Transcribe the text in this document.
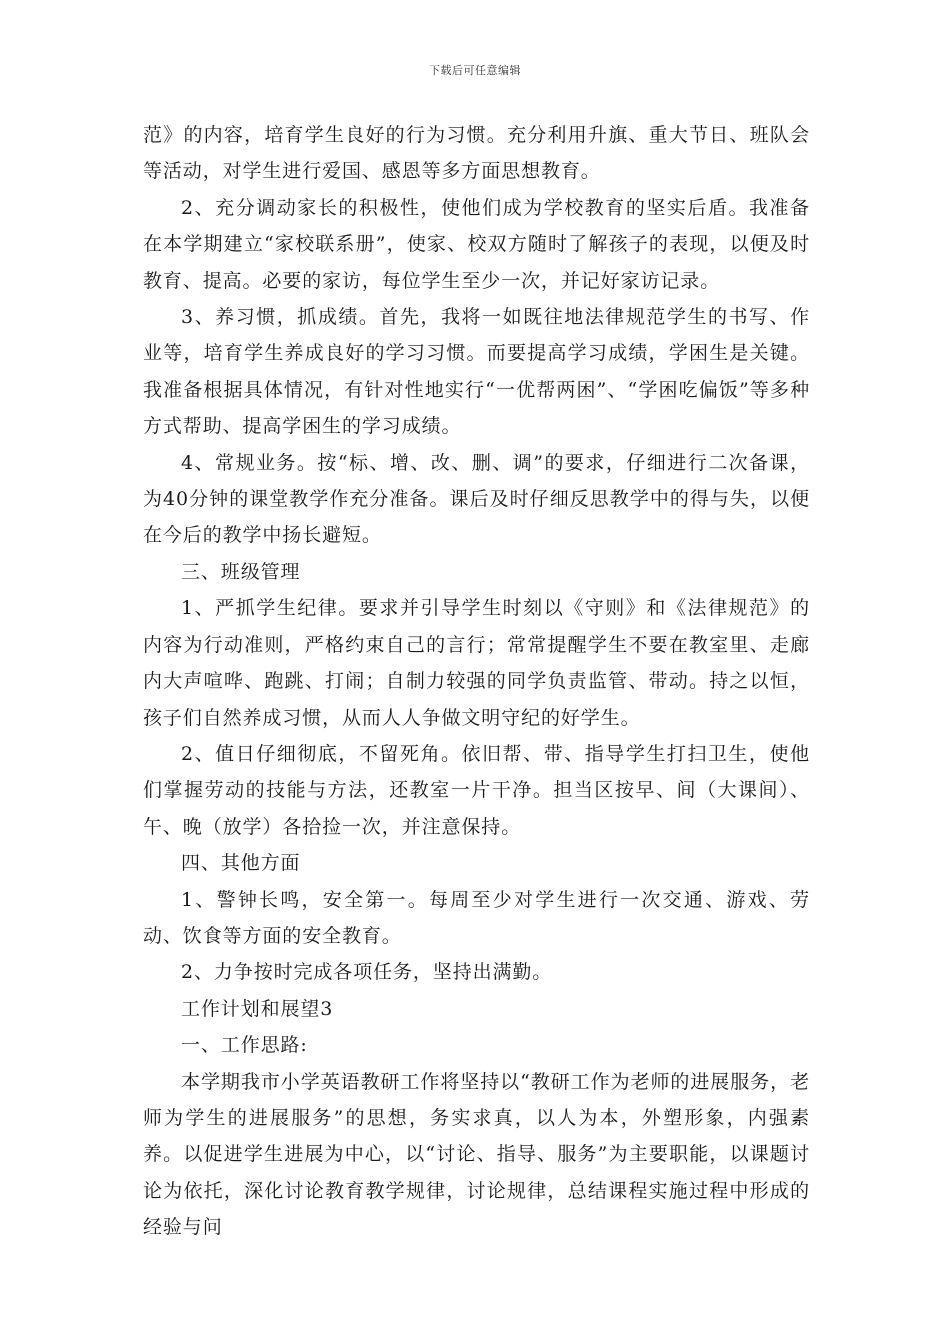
下载后可任意编辑

范》的内容，培育学生良好的行为习惯。充分利用升旗、重大节日、班队会等活动，对学生进行爱国、感恩等多方面思想教育。

2、充分调动家长的积极性，使他们成为学校教育的坚实后盾。我准备在本学期建立“家校联系册”，使家、校双方随时了解孩子的表现，以便及时教育、提高。必要的家访，每位学生至少一次，并记好家访记录。

3、养习惯，抓成绩。首先，我将一如既往地法律规范学生的书写、作业等，培育学生养成良好的学习习惯。而要提高学习成绩，学困生是关键。我准备根据具体情况，有针对性地实行“一优帮两困”、“学困吃偏饭”等多种方式帮助、提高学困生的学习成绩。

4、常规业务。按“标、增、改、删、调”的要求，仔细进行二次备课，为40分钟的课堂教学作充分准备。课后及时仔细反思教学中的得与失，以便在今后的教学中扬长避短。

三、班级管理

1、严抓学生纪律。要求并引导学生时刻以《守则》和《法律规范》的内容为行动准则，严格约束自己的言行；常常提醒学生不要在教室里、走廊内大声喧哗、跑跳、打闹；自制力较强的同学负责监管、带动。持之以恒，孩子们自然养成习惯，从而人人争做文明守纪的好学生。

2、值日仔细彻底，不留死角。依旧帮、带、指导学生打扫卫生，使他们掌握劳动的技能与方法，还教室一片干净。担当区按早、间（大课间）、午、晚（放学）各拾捡一次，并注意保持。

四、其他方面

1、警钟长鸣，安全第一。每周至少对学生进行一次交通、游戏、劳动、饮食等方面的安全教育。

2、力争按时完成各项任务，坚持出满勤。

工作计划和展望3

一、工作思路:

本学期我市小学英语教研工作将坚持以“教研工作为老师的进展服务，老师为学生的进展服务”的思想，务实求真，以人为本，外塑形象，内强素养。以促进学生进展为中心，以“讨论、指导、服务”为主要职能，以课题讨论为依托，深化讨论教育教学规律，讨论规律，总结课程实施过程中形成的经验与问
